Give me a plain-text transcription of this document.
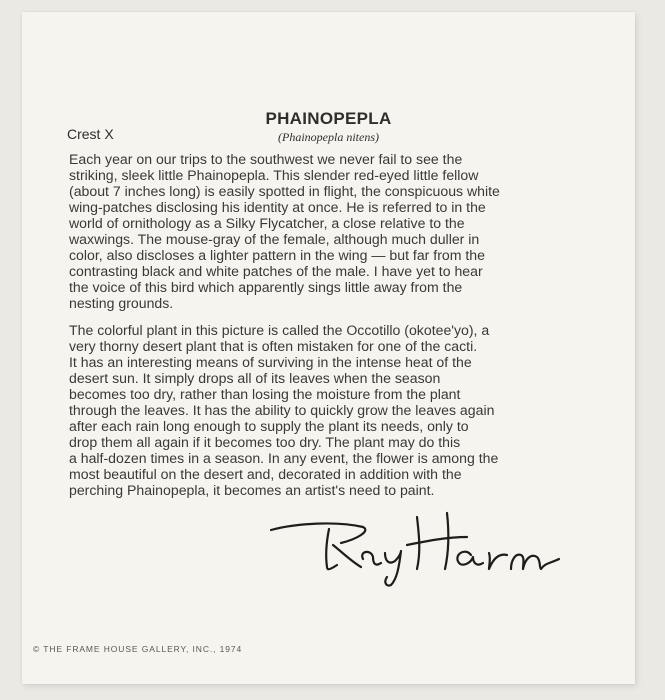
PHAINOPEPLA
(Phainopepla nitens)
Crest X

Each year on our trips to the southwest we never fail to see the
striking, sleek little Phainopepla. This slender red-eyed little fellow
(about 7 inches long) is easily spotted in flight, the conspicuous white
wing-patches disclosing his identity at once. He is referred to in the
world of ornithology as a Silky Flycatcher, a close relative to the
waxwings. The mouse-gray of the female, although much duller in
color, also discloses a lighter pattern in the wing — but far from the
contrasting black and white patches of the male. I have yet to hear
the voice of this bird which apparently sings little away from the
nesting grounds.

The colorful plant in this picture is called the Occotillo (okotee'yo), a
very thorny desert plant that is often mistaken for one of the cacti.
It has an interesting means of surviving in the intense heat of the
desert sun. It simply drops all of its leaves when the season
becomes too dry, rather than losing the moisture from the plant
through the leaves. It has the ability to quickly grow the leaves again
after each rain long enough to supply the plant its needs, only to
drop them all again if it becomes too dry. The plant may do this
a half-dozen times in a season. In any event, the flower is among the
most beautiful on the desert and, decorated in addition with the
perching Phainopepla, it becomes an artist's need to paint.

© THE FRAME HOUSE GALLERY, INC., 1974
